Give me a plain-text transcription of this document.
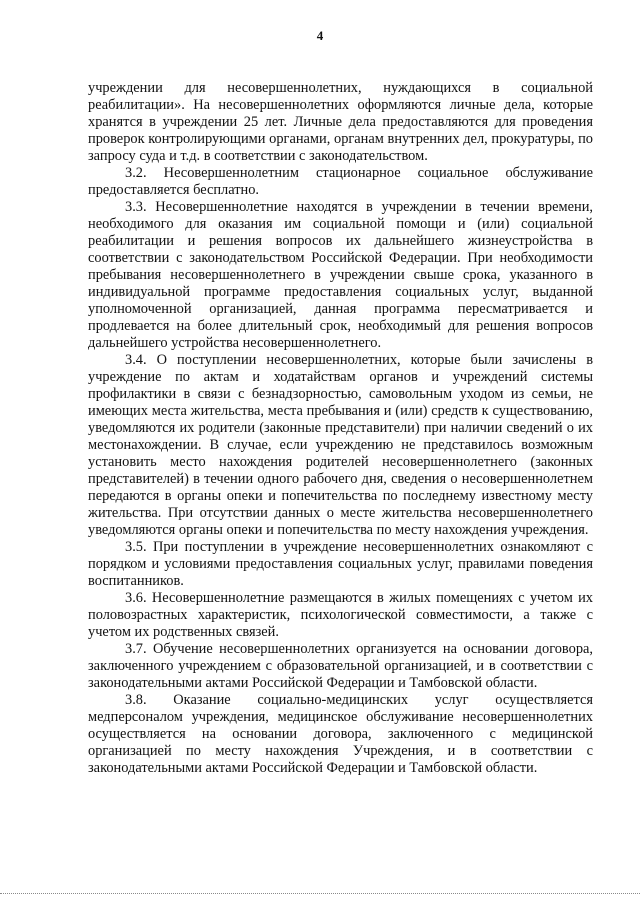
4

учреждении для несовершеннолетних, нуждающихся в социальной реабилитации». На несовершеннолетних оформляются личные дела, которые хранятся в учреждении 25 лет. Личные дела предоставляются для проведения проверок контролирующими органами, органам внутренних дел, прокуратуры, по запросу суда и т.д. в соответствии с законодательством.

3.2. Несовершеннолетним стационарное социальное обслуживание предоставляется бесплатно.

3.3. Несовершеннолетние находятся в учреждении в течении времени, необходимого для оказания им социальной помощи и (или) социальной реабилитации и решения вопросов их дальнейшего жизнеустройства в соответствии с законодательством Российской Федерации. При необходимости пребывания несовершеннолетнего в учреждении свыше срока, указанного в индивидуальной программе предоставления социальных услуг, выданной уполномоченной организацией, данная программа пересматривается и продлевается на более длительный срок, необходимый для решения вопросов дальнейшего устройства несовершеннолетнего.

3.4. О поступлении несовершеннолетних, которые были зачислены в учреждение по актам и ходатайствам органов и учреждений системы профилактики в связи с безнадзорностью, самовольным уходом из семьи, не имеющих места жительства, места пребывания и (или) средств к существованию, уведомляются их родители (законные представители) при наличии сведений о их местонахождении. В случае, если учреждению не представилось возможным установить место нахождения родителей несовершеннолетнего (законных представителей) в течении одного рабочего дня, сведения о несовершеннолетнем передаются в органы опеки и попечительства по последнему известному месту жительства. При отсутствии данных о месте жительства несовершеннолетнего уведомляются органы опеки и попечительства по месту нахождения учреждения.

3.5. При поступлении в учреждение несовершеннолетних ознакомляют с порядком и условиями предоставления социальных услуг, правилами поведения воспитанников.

3.6. Несовершеннолетние размещаются в жилых помещениях с учетом их половозрастных характеристик, психологической совместимости, а также с учетом их родственных связей.

3.7. Обучение несовершеннолетних организуется на основании договора, заключенного учреждением с образовательной организацией, и в соответствии с законодательными актами Российской Федерации и Тамбовской области.

3.8. Оказание социально-медицинских услуг осуществляется медперсоналом учреждения, медицинское обслуживание несовершеннолетних осуществляется на основании договора, заключенного с медицинской организацией по месту нахождения Учреждения, и в соответствии с законодательными актами Российской Федерации и Тамбовской области.
